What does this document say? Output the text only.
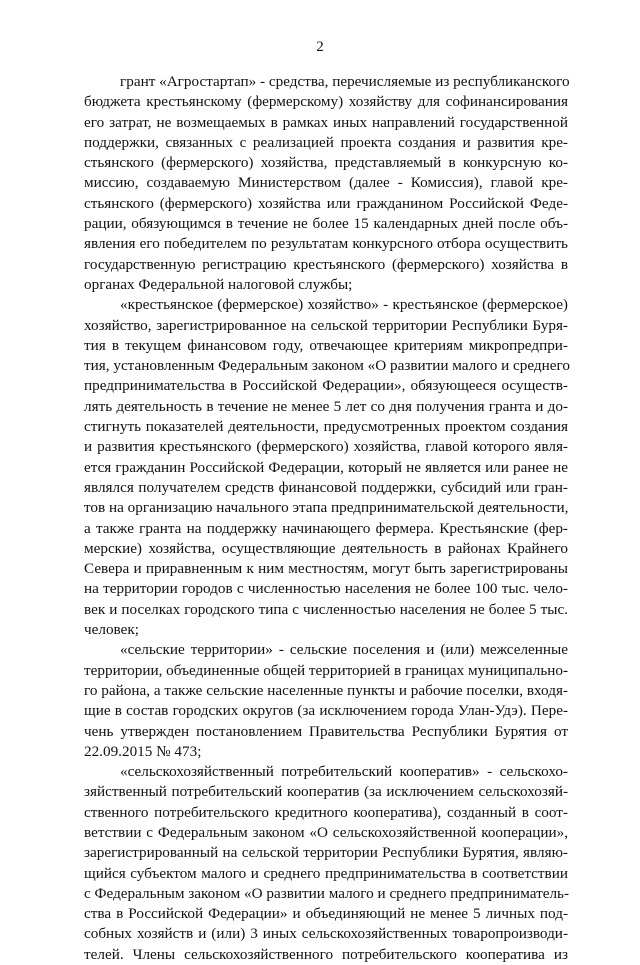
2
грант «Агростартап» - средства, перечисляемые из республиканского
бюджета крестьянскому (фермерскому) хозяйству для софинансирования
его затрат, не возмещаемых в рамках иных направлений государственной
поддержки, связанных с реализацией проекта создания и развития кре-
стьянского (фермерского) хозяйства, представляемый в конкурсную ко-
миссию, создаваемую Министерством (далее - Комиссия), главой кре-
стьянского (фермерского) хозяйства или гражданином Российской Феде-
рации, обязующимся в течение не более 15 календарных дней после объ-
явления его победителем по результатам конкурсного отбора осуществить
государственную регистрацию крестьянского (фермерского) хозяйства в
органах Федеральной налоговой службы;
«крестьянское (фермерское) хозяйство» - крестьянское (фермерское)
хозяйство, зарегистрированное на сельской территории Республики Буря-
тия в текущем финансовом году, отвечающее критериям микропредпри-
тия, установленным Федеральным законом «О развитии малого и среднего
предпринимательства в Российской Федерации», обязующееся осуществ-
лять деятельность в течение не менее 5 лет со дня получения гранта и до-
стигнуть показателей деятельности, предусмотренных проектом создания
и развития крестьянского (фермерского) хозяйства, главой которого явля-
ется гражданин Российской Федерации, который не является или ранее не
являлся получателем средств финансовой поддержки, субсидий или гран-
тов на организацию начального этапа предпринимательской деятельности,
а также гранта на поддержку начинающего фермера. Крестьянские (фер-
мерские) хозяйства, осуществляющие деятельность в районах Крайнего
Севера и приравненным к ним местностям, могут быть зарегистрированы
на территории городов с численностью населения не более 100 тыс. чело-
век и поселках городского типа с численностью населения не более 5 тыс.
человек;
«сельские территории» - сельские поселения и (или) межселенные
территории, объединенные общей территорией в границах муниципально-
го района, а также сельские населенные пункты и рабочие поселки, входя-
щие в состав городских округов (за исключением города Улан-Удэ). Пере-
чень утвержден постановлением Правительства Республики Бурятия от
22.09.2015 № 473;
«сельскохозяйственный потребительский кооператив» - сельскохо-
зяйственный потребительский кооператив (за исключением сельскохозяй-
ственного потребительского кредитного кооператива), созданный в соот-
ветствии с Федеральным законом «О сельскохозяйственной кооперации»,
зарегистрированный на сельской территории Республики Бурятия, являю-
щийся субъектом малого и среднего предпринимательства в соответствии
с Федеральным законом «О развитии малого и среднего предприниматель-
ства в Российской Федерации» и объединяющий не менее 5 личных под-
собных хозяйств и (или) 3 иных сельскохозяйственных товаропроизводи-
телей. Члены сельскохозяйственного потребительского кооператива из
